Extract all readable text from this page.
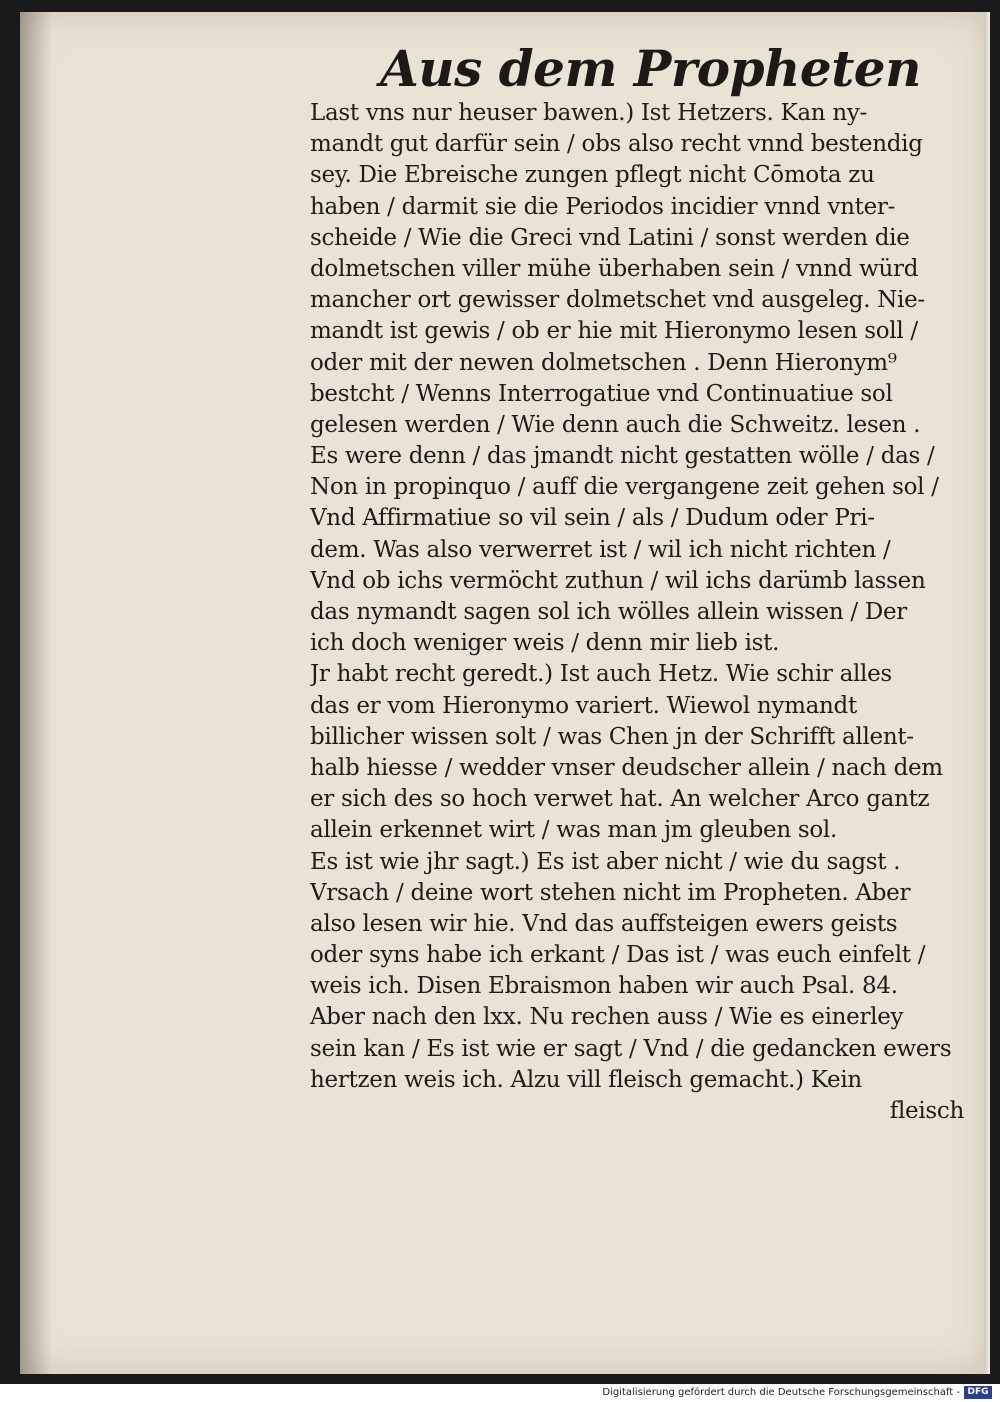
Aus dem Propheten
Last vns nur heuser bawen.) Ist Hetzers. Kan ny-
mandt gut darfür sein / obs also recht vnnd bestendig
sey. Die Ebreische zungen pflegt nicht Cōmota zu
haben / darmit sie die Periodos incidier vnnd vnter-
scheide / Wie die Greci vnd Latini / sonst werden die
dolmetschen viller mühe überhaben sein / vnnd würd
mancher ort gewisser dolmetschet vnd ausgeleg. Nie-
mandt ist gewis / ob er hie mit Hieronymo lesen soll /
oder mit der newen dolmetschen . Denn Hieronym⁹
bestcht / Wenns Interrogatiue vnd Continuatiue sol
gelesen werden / Wie denn auch die Schweitz. lesen .
Es were denn / das jmandt nicht gestatten wölle / das /
Non in propinquo / auff die vergangene zeit gehen sol /
Vnd Affirmatiue so vil sein / als / Dudum oder Pri-
dem. Was also verwerret ist / wil ich nicht richten /
Vnd ob ichs vermöcht zuthun / wil ichs darümb lassen
das nymandt sagen sol ich wölles allein wissen / Der
ich doch weniger weis / denn mir lieb ist.
Jr habt recht geredt.) Ist auch Hetz. Wie schir alles
das er vom Hieronymo variert. Wiewol nymandt
billicher wissen solt / was Chen jn der Schrifft allent-
halb hiesse / wedder vnser deudscher allein / nach dem
er sich des so hoch verwet hat. An welcher Arco gantz
allein erkennet wirt / was man jm gleuben sol.
Es ist wie jhr sagt.) Es ist aber nicht / wie du sagst .
Vrsach / deine wort stehen nicht im Propheten. Aber
also lesen wir hie. Vnd das auffsteigen ewers geists
oder syns habe ich erkant / Das ist / was euch einfelt /
weis ich. Disen Ebraismon haben wir auch Psal. 84.
Aber nach den lxx. Nu rechen auss / Wie es einerley
sein kan / Es ist wie er sagt / Vnd / die gedancken ewers
hertzen weis ich. Alzu vill fleisch gemacht.) Kein
fleisch
Digitalisierung gefördert durch die Deutsche Forschungsgemeinschaft - DFG
